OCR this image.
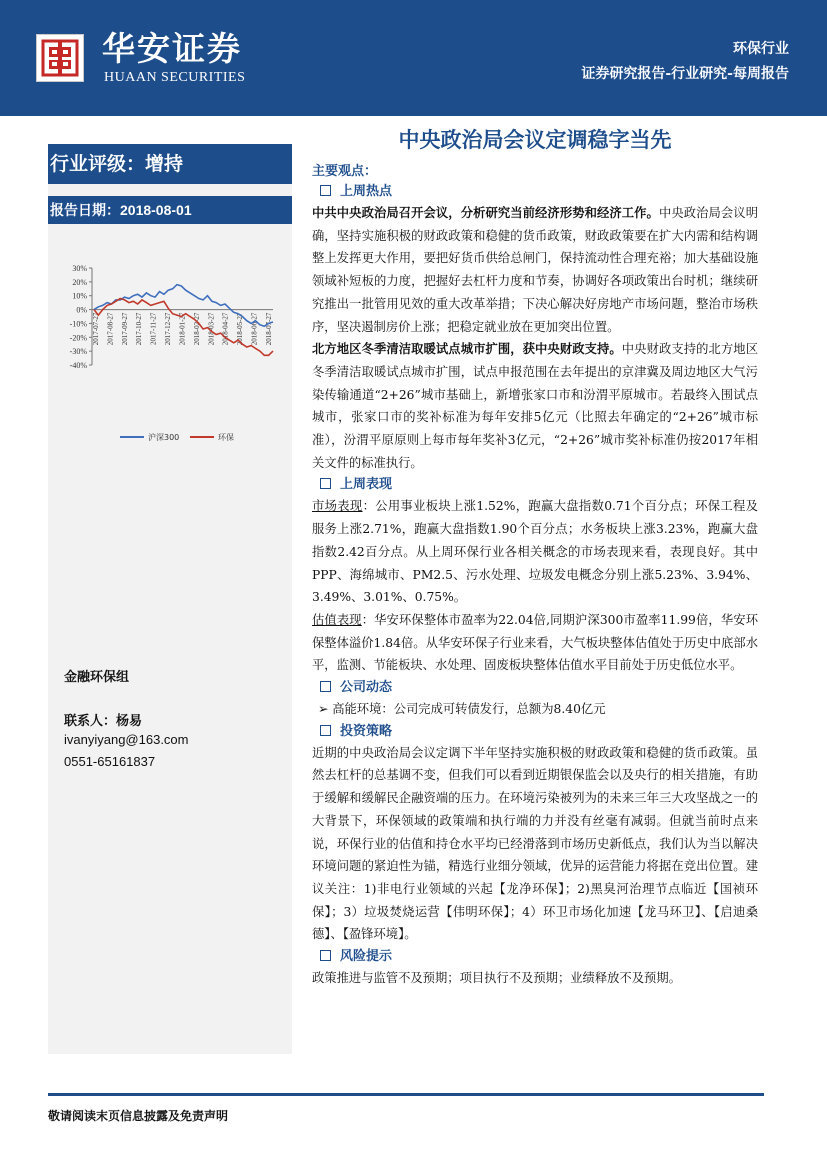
华安证券
HUAAN SECURITIES
环保行业
证券研究报告-行业研究-每周报告
行业评级：增持
报告日期：2018-08-01
30%
20%
10%
0%
-10%
-20%
-30%
-40%
2017-07-27 2017-08-27 2017-09-27 2017-10-27 2017-11-27 2017-12-27 2018-01-27 2018-02-27 2018-03-27 2018-04-27 2018-05-27 2018-06-27 2018-07-27
沪深300	环保
金融环保组
联系人：杨易
ivanyiyang@163.com
0551-65161837
中央政治局会议定调稳字当先
主要观点：
上周热点

中共中央政治局召开会议，分析研究当前经济形势和经济工作。中央政治局会议明确，坚持实施积极的财政政策和稳健的货币政策，财政政策要在扩大内需和结构调整上发挥更大作用，要把好货币供给总闸门，保持流动性合理充裕；加大基础设施领域补短板的力度，把握好去杠杆力度和节奏，协调好各项政策出台时机；继续研究推出一批管用见效的重大改革举措；下决心解决好房地产市场问题，整治市场秩序，坚决遏制房价上涨；把稳定就业放在更加突出位置。

北方地区冬季清洁取暖试点城市扩围，获中央财政支持。中央财政支持的北方地区冬季清洁取暖试点城市扩围，试点申报范围在去年提出的京津冀及周边地区大气污染传输通道“2+26”城市基础上，新增张家口市和汾渭平原城市。若最终入围试点城市，张家口市的奖补标准为每年安排5亿元（比照去年确定的“2+26”城市标准），汾渭平原原则上每市每年奖补3亿元，“2+26”城市奖补标准仍按2017年相关文件的标准执行。

上周表现

市场表现：公用事业板块上涨1.52%，跑赢大盘指数0.71个百分点；环保工程及服务上涨2.71%，跑赢大盘指数1.90个百分点；水务板块上涨3.23%，跑赢大盘指数2.42百分点。从上周环保行业各相关概念的市场表现来看，表现良好。其中PPP、海绵城市、PM2.5、污水处理、垃圾发电概念分别上涨5.23%、3.94%、3.49%、3.01%、0.75%。

估值表现：华安环保整体市盈率为22.04倍,同期沪深300市盈率11.99倍，华安环保整体溢价1.84倍。从华安环保子行业来看，大气板块整体估值处于历史中底部水平，监测、节能板块、水处理、固废板块整体估值水平目前处于历史低位水平。

公司动态
➢ 高能环境：公司完成可转债发行，总额为8.40亿元
投资策略

近期的中央政治局会议定调下半年坚持实施积极的财政政策和稳健的货币政策。虽然去杠杆的总基调不变，但我们可以看到近期银保监会以及央行的相关措施，有助于缓解和缓解民企融资端的压力。在环境污染被列为的未来三年三大攻坚战之一的大背景下，环保领域的政策端和执行端的力并没有丝毫有减弱。但就当前时点来说，环保行业的估值和持仓水平均已经滑落到市场历史新低点，我们认为当以解决环境问题的紧迫性为锚，精选行业细分领域，优异的运营能力将据在竞出位置。建议关注：1)非电行业领域的兴起【龙净环保】；2)黑臭河治理节点临近【国祯环保】；3）垃圾焚烧运营【伟明环保】；4）环卫市场化加速【龙马环卫】、【启迪桑德】、【盈锋环境】。

风险提示

政策推进与监管不及预期；项目执行不及预期；业绩释放不及预期。

敬请阅读末页信息披露及免责声明
